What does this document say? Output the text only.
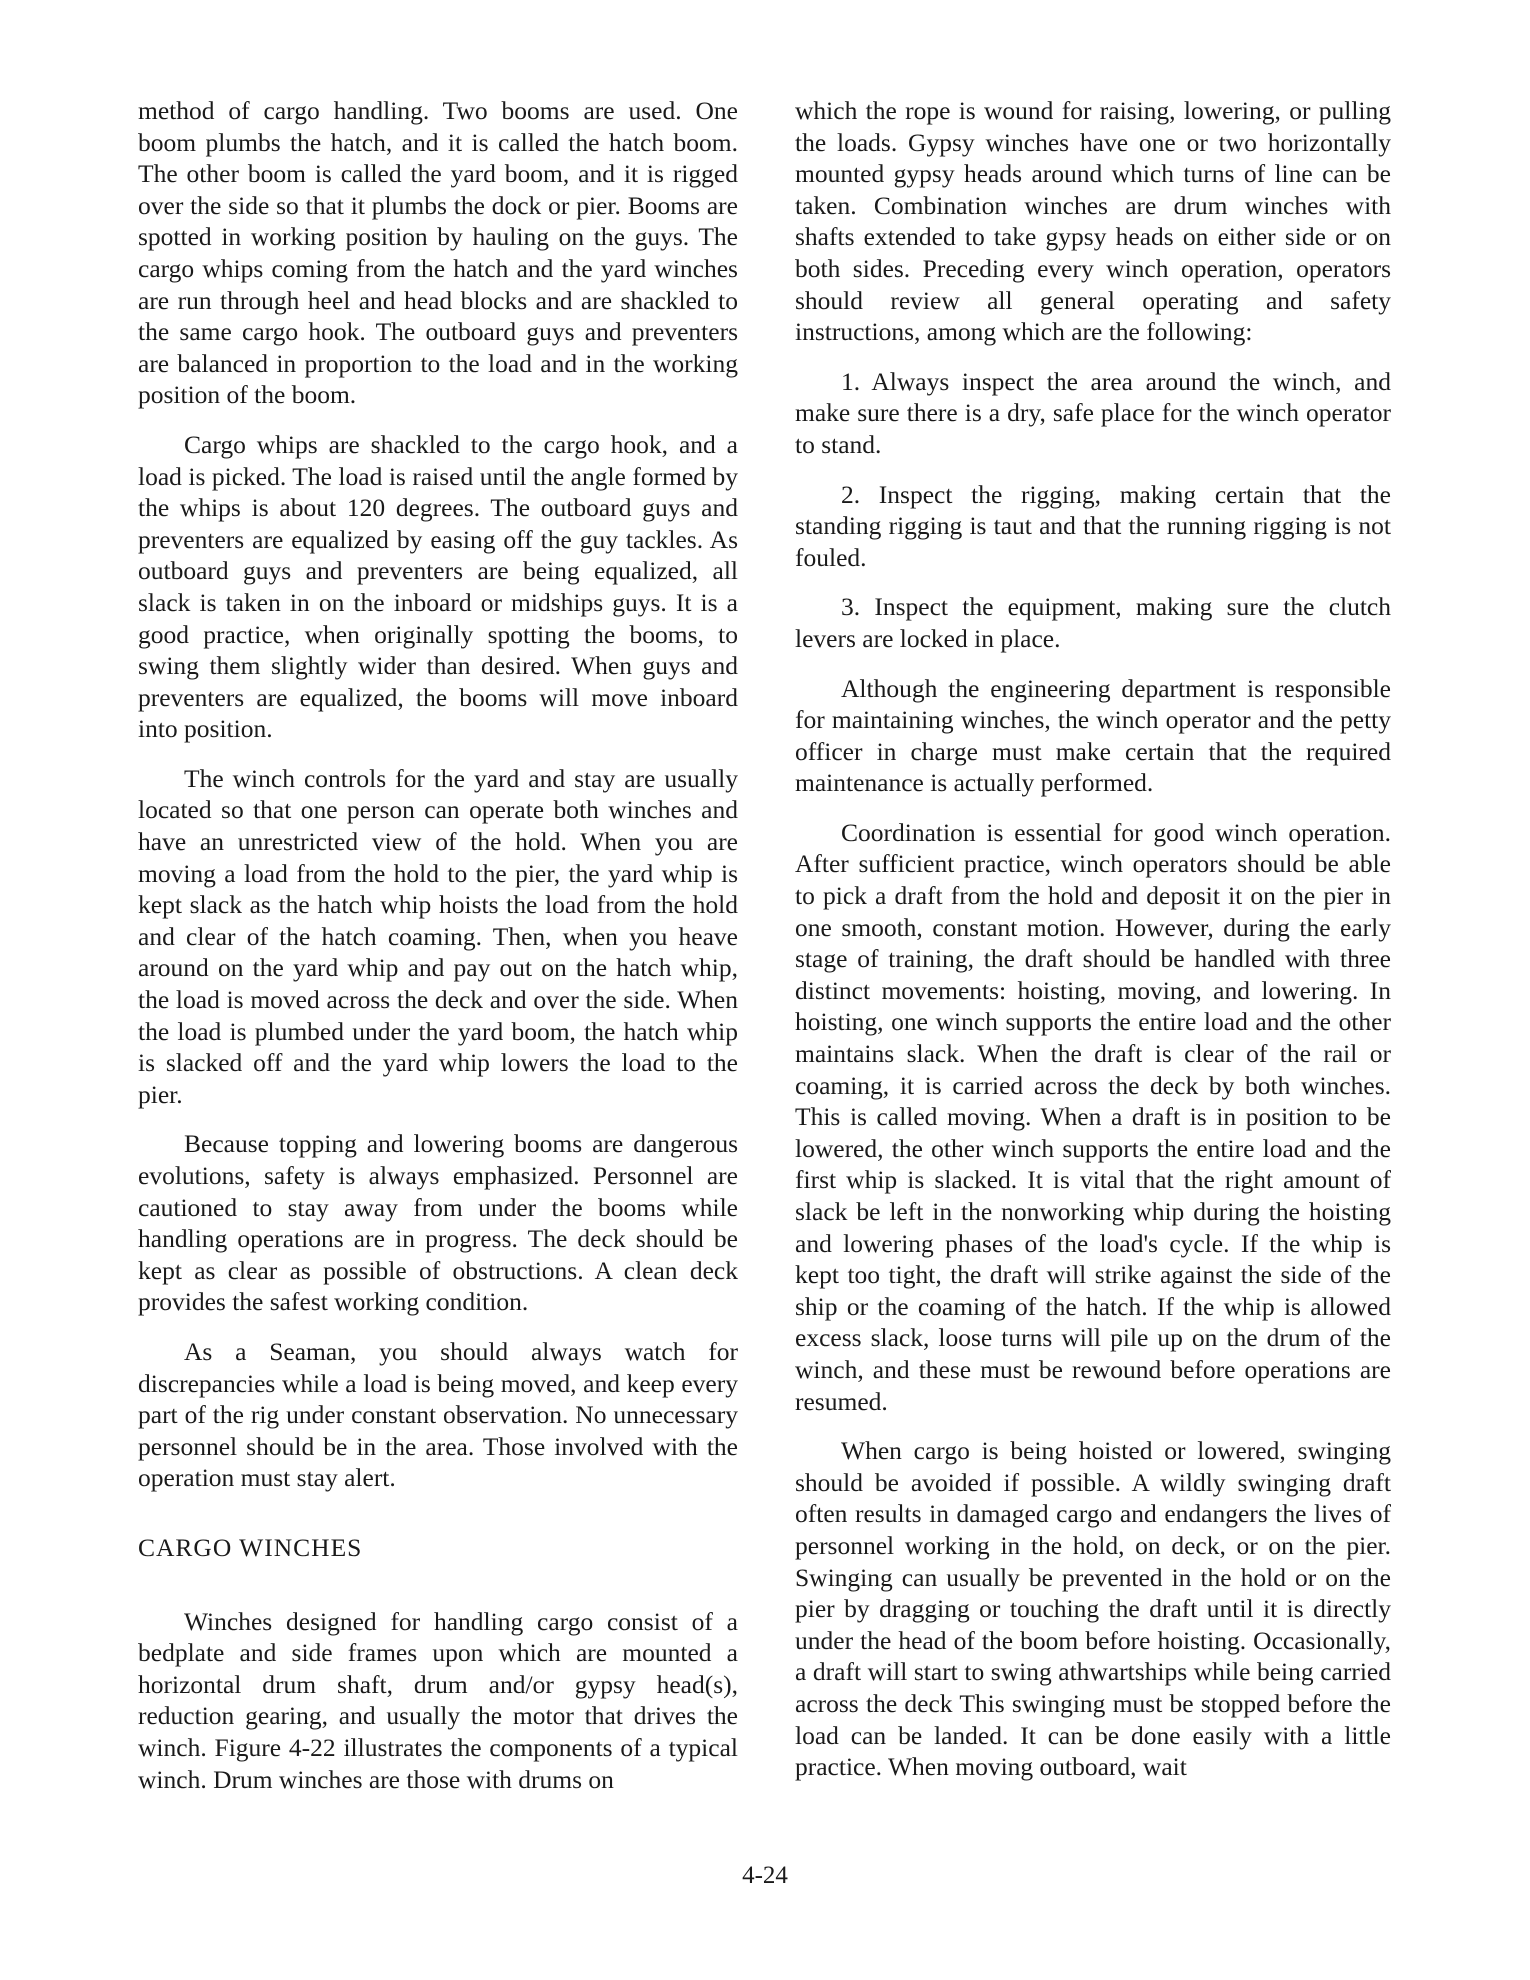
method of cargo handling. Two booms are used. One boom plumbs the hatch, and it is called the hatch boom. The other boom is called the yard boom, and it is rigged over the side so that it plumbs the dock or pier. Booms are spotted in working position by hauling on the guys. The cargo whips coming from the hatch and the yard winches are run through heel and head blocks and are shackled to the same cargo hook. The outboard guys and preventers are balanced in proportion to the load and in the working position of the boom.

Cargo whips are shackled to the cargo hook, and a load is picked. The load is raised until the angle formed by the whips is about 120 degrees. The outboard guys and preventers are equalized by easing off the guy tackles. As outboard guys and preventers are being equalized, all slack is taken in on the inboard or midships guys. It is a good practice, when originally spotting the booms, to swing them slightly wider than desired. When guys and preventers are equalized, the booms will move inboard into position.

The winch controls for the yard and stay are usually located so that one person can operate both winches and have an unrestricted view of the hold. When you are moving a load from the hold to the pier, the yard whip is kept slack as the hatch whip hoists the load from the hold and clear of the hatch coaming. Then, when you heave around on the yard whip and pay out on the hatch whip, the load is moved across the deck and over the side. When the load is plumbed under the yard boom, the hatch whip is slacked off and the yard whip lowers the load to the pier.

Because topping and lowering booms are dangerous evolutions, safety is always emphasized. Personnel are cautioned to stay away from under the booms while handling operations are in progress. The deck should be kept as clear as possible of obstructions. A clean deck provides the safest working condition.

As a Seaman, you should always watch for discrepancies while a load is being moved, and keep every part of the rig under constant observation. No unnecessary personnel should be in the area. Those involved with the operation must stay alert.

CARGO WINCHES

Winches designed for handling cargo consist of a bedplate and side frames upon which are mounted a horizontal drum shaft, drum and/or gypsy head(s), reduction gearing, and usually the motor that drives the winch. Figure 4-22 illustrates the components of a typical winch. Drum winches are those with drums on

which the rope is wound for raising, lowering, or pulling the loads. Gypsy winches have one or two horizontally mounted gypsy heads around which turns of line can be taken. Combination winches are drum winches with shafts extended to take gypsy heads on either side or on both sides. Preceding every winch operation, operators should review all general operating and safety instructions, among which are the following:

1. Always inspect the area around the winch, and make sure there is a dry, safe place for the winch operator to stand.

2. Inspect the rigging, making certain that the standing rigging is taut and that the running rigging is not fouled.

3. Inspect the equipment, making sure the clutch levers are locked in place.

Although the engineering department is responsible for maintaining winches, the winch operator and the petty officer in charge must make certain that the required maintenance is actually performed.

Coordination is essential for good winch operation. After sufficient practice, winch operators should be able to pick a draft from the hold and deposit it on the pier in one smooth, constant motion. However, during the early stage of training, the draft should be handled with three distinct movements: hoisting, moving, and lowering. In hoisting, one winch supports the entire load and the other maintains slack. When the draft is clear of the rail or coaming, it is carried across the deck by both winches. This is called moving. When a draft is in position to be lowered, the other winch supports the entire load and the first whip is slacked. It is vital that the right amount of slack be left in the nonworking whip during the hoisting and lowering phases of the load's cycle. If the whip is kept too tight, the draft will strike against the side of the ship or the coaming of the hatch. If the whip is allowed excess slack, loose turns will pile up on the drum of the winch, and these must be rewound before operations are resumed.

When cargo is being hoisted or lowered, swinging should be avoided if possible. A wildly swinging draft often results in damaged cargo and endangers the lives of personnel working in the hold, on deck, or on the pier. Swinging can usually be prevented in the hold or on the pier by dragging or touching the draft until it is directly under the head of the boom before hoisting. Occasionally, a draft will start to swing athwartships while being carried across the deck This swinging must be stopped before the load can be landed. It can be done easily with a little practice. When moving outboard, wait

4-24
